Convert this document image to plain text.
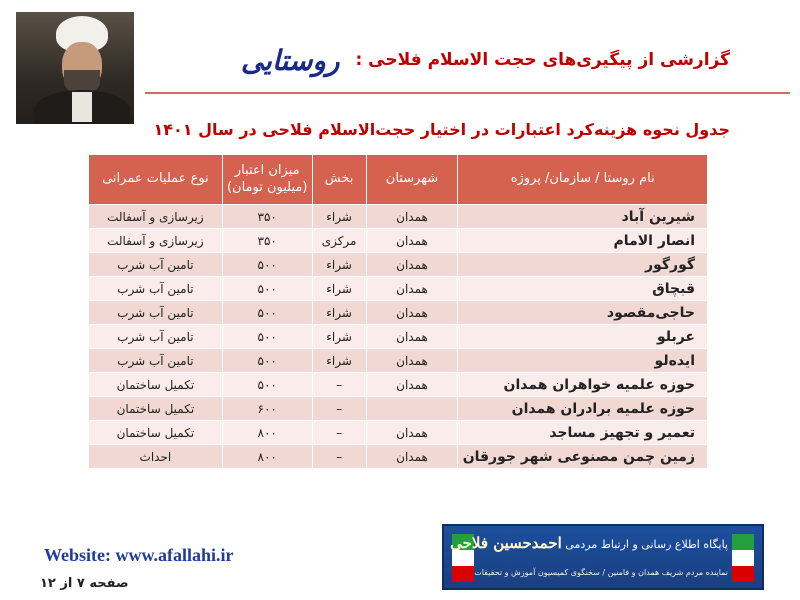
گزارشی از پیگیری‌های حجت الاسلام فلاحی :
روستایی
جدول نحوه هزینه‌کرد اعتبارات در اختیار حجت‌الاسلام فلاحی در سال ۱۴۰۱
نام روستا / سازمان/ پروژه	شهرستان	بخش	میزان اعتبار (میلیون تومان)	نوع عملیات عمرانی
شیرین آباد	همدان	شراء	۳۵۰	زیرسازی و آسفالت
انصار الامام	همدان	مرکزی	۳۵۰	زیرسازی و آسفالت
گورگور	همدان	شراء	۵۰۰	تامین آب شرب
قبچاق	همدان	شراء	۵۰۰	تامین آب شرب
حاجی‌مقصود	همدان	شراء	۵۰۰	تامین آب شرب
عربلو	همدان	شراء	۵۰۰	تامین آب شرب
ایده‌لو	همدان	شراء	۵۰۰	تامین آب شرب
حوزه علمیه خواهران همدان	همدان	–	۵۰۰	تکمیل ساختمان
حوزه علمیه برادران همدان		–	۶۰۰	تکمیل ساختمان
تعمیر و تجهیز مساجد	همدان	–	۸۰۰	تکمیل ساختمان
زمین چمن مصنوعی شهر جورقان	همدان	–	۸۰۰	احداث
Website: www.afallahi.ir
صفحه ۷ از ۱۲
پایگاه اطلاع رسانی و ارتباط مردمی احمدحسین فلاحی
نماینده مردم شریف همدان و فامنین / سخنگوی کمیسیون آموزش و تحقیقات
